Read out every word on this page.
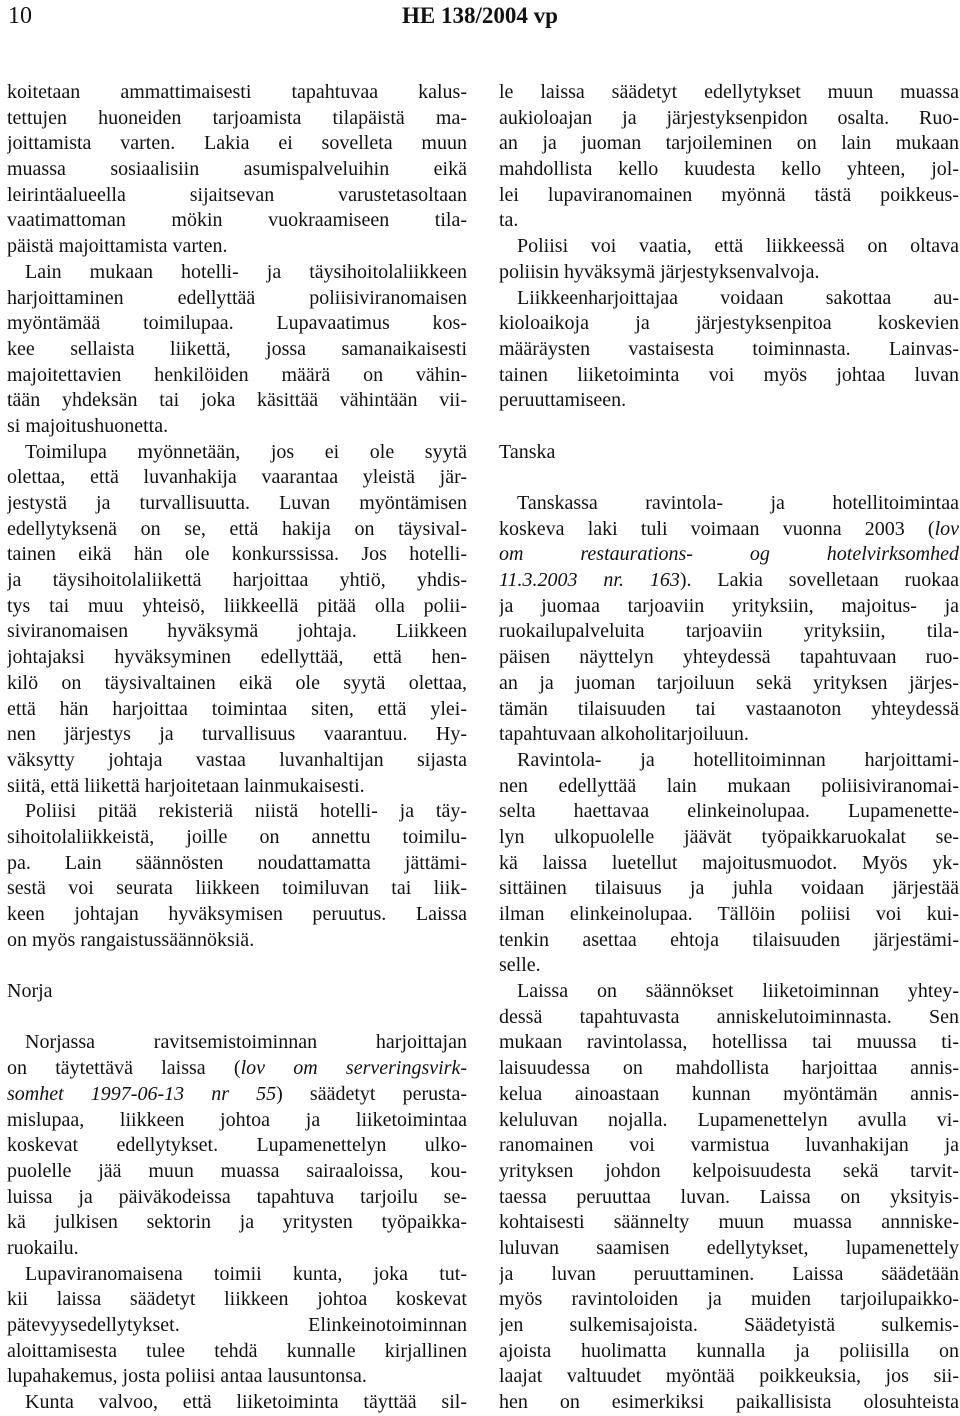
10	HE 138/2004 vp
koitetaan ammattimaisesti tapahtuvaa kalus-
tettujen huoneiden tarjoamista tilapäistä ma-
joittamista varten. Lakia ei sovelleta muun
muassa sosiaalisiin asumispalveluihin eikä
leirintäalueella sijaitsevan varustetasoltaan
vaatimattoman mökin vuokraamiseen tila-
päistä majoittamista varten.
Lain mukaan hotelli- ja täysihoitolaliikkeen
harjoittaminen edellyttää poliisiviranomaisen
myöntämää toimilupaa. Lupavaatimus kos-
kee sellaista liikettä, jossa samanaikaisesti
majoitettavien henkilöiden määrä on vähin-
tään yhdeksän tai joka käsittää vähintään vii-
si majoitushuonetta.
Toimilupa myönnetään, jos ei ole syytä
olettaa, että luvanhakija vaarantaa yleistä jär-
jestystä ja turvallisuutta. Luvan myöntämisen
edellytyksenä on se, että hakija on täysival-
tainen eikä hän ole konkurssissa. Jos hotelli-
ja täysihoitolaliikettä harjoittaa yhtiö, yhdis-
tys tai muu yhteisö, liikkeellä pitää olla polii-
siviranomaisen hyväksymä johtaja. Liikkeen
johtajaksi hyväksyminen edellyttää, että hen-
kilö on täysivaltainen eikä ole syytä olettaa,
että hän harjoittaa toimintaa siten, että ylei-
nen järjestys ja turvallisuus vaarantuu. Hy-
väksytty johtaja vastaa luvanhaltijan sijasta
siitä, että liikettä harjoitetaan lainmukaisesti.
Poliisi pitää rekisteriä niistä hotelli- ja täy-
sihoitolaliikkeistä, joille on annettu toimilu-
pa. Lain säännösten noudattamatta jättämi-
sestä voi seurata liikkeen toimiluvan tai liik-
keen johtajan hyväksymisen peruutus. Laissa
on myös rangaistussäännöksiä.
Norja
Norjassa ravitsemistoiminnan harjoittajan
on täytettävä laissa (lov om serveringsvirk-
somhet 1997-06-13 nr 55) säädetyt perusta-
mislupaa, liikkeen johtoa ja liiketoimintaa
koskevat edellytykset. Lupamenettelyn ulko-
puolelle jää muun muassa sairaaloissa, kou-
luissa ja päiväkodeissa tapahtuva tarjoilu se-
kä julkisen sektorin ja yritysten työpaikka-
ruokailu.
Lupaviranomaisena toimii kunta, joka tut-
kii laissa säädetyt liikkeen johtoa koskevat
pätevyysedellytykset. Elinkeinotoiminnan
aloittamisesta tulee tehdä kunnalle kirjallinen
lupahakemus, josta poliisi antaa lausuntonsa.
Kunta valvoo, että liiketoiminta täyttää sil-
le laissa säädetyt edellytykset muun muassa
aukioloajan ja järjestyksenpidon osalta. Ruo-
an ja juoman tarjoileminen on lain mukaan
mahdollista kello kuudesta kello yhteen, jol-
lei lupaviranomainen myönnä tästä poikkeus-
ta.
Poliisi voi vaatia, että liikkeessä on oltava
poliisin hyväksymä järjestyksenvalvoja.
Liikkeenharjoittajaa voidaan sakottaa au-
kioloaikoja ja järjestyksenpitoa koskevien
määräysten vastaisesta toiminnasta. Lainvas-
tainen liiketoiminta voi myös johtaa luvan
peruuttamiseen.
Tanska
Tanskassa ravintola- ja hotellitoimintaa
koskeva laki tuli voimaan vuonna 2003 (lov
om restaurations- og hotelvirksomhed
11.3.2003 nr. 163). Lakia sovelletaan ruokaa
ja juomaa tarjoaviin yrityksiin, majoitus- ja
ruokailupalveluita tarjoaviin yrityksiin, tila-
päisen näyttelyn yhteydessä tapahtuvaan ruo-
an ja juoman tarjoiluun sekä yrityksen järjes-
tämän tilaisuuden tai vastaanoton yhteydessä
tapahtuvaan alkoholitarjoiluun.
Ravintola- ja hotellitoiminnan harjoittami-
nen edellyttää lain mukaan poliisiviranomai-
selta haettavaa elinkeinolupaa. Lupamenette-
lyn ulkopuolelle jäävät työpaikkaruokalat se-
kä laissa luetellut majoitusmuodot. Myös yk-
sittäinen tilaisuus ja juhla voidaan järjestää
ilman elinkeinolupaa. Tällöin poliisi voi kui-
tenkin asettaa ehtoja tilaisuuden järjestämi-
selle.
Laissa on säännökset liiketoiminnan yhtey-
dessä tapahtuvasta anniskelutoiminnasta. Sen
mukaan ravintolassa, hotellissa tai muussa ti-
laisuudessa on mahdollista harjoittaa annis-
kelua ainoastaan kunnan myöntämän annis-
keluluvan nojalla. Lupamenettelyn avulla vi-
ranomainen voi varmistua luvanhakijan ja
yrityksen johdon kelpoisuudesta sekä tarvit-
taessa peruuttaa luvan. Laissa on yksityis-
kohtaisesti säännelty muun muassa annniske-
luluvan saamisen edellytykset, lupamenettely
ja luvan peruuttaminen. Laissa säädetään
myös ravintoloiden ja muiden tarjoilupaikko-
jen sulkemisajoista. Säädetyistä sulkemis-
ajoista huolimatta kunnalla ja poliisilla on
laajat valtuudet myöntää poikkeuksia, jos sii-
hen on esimerkiksi paikallisista olosuhteista
